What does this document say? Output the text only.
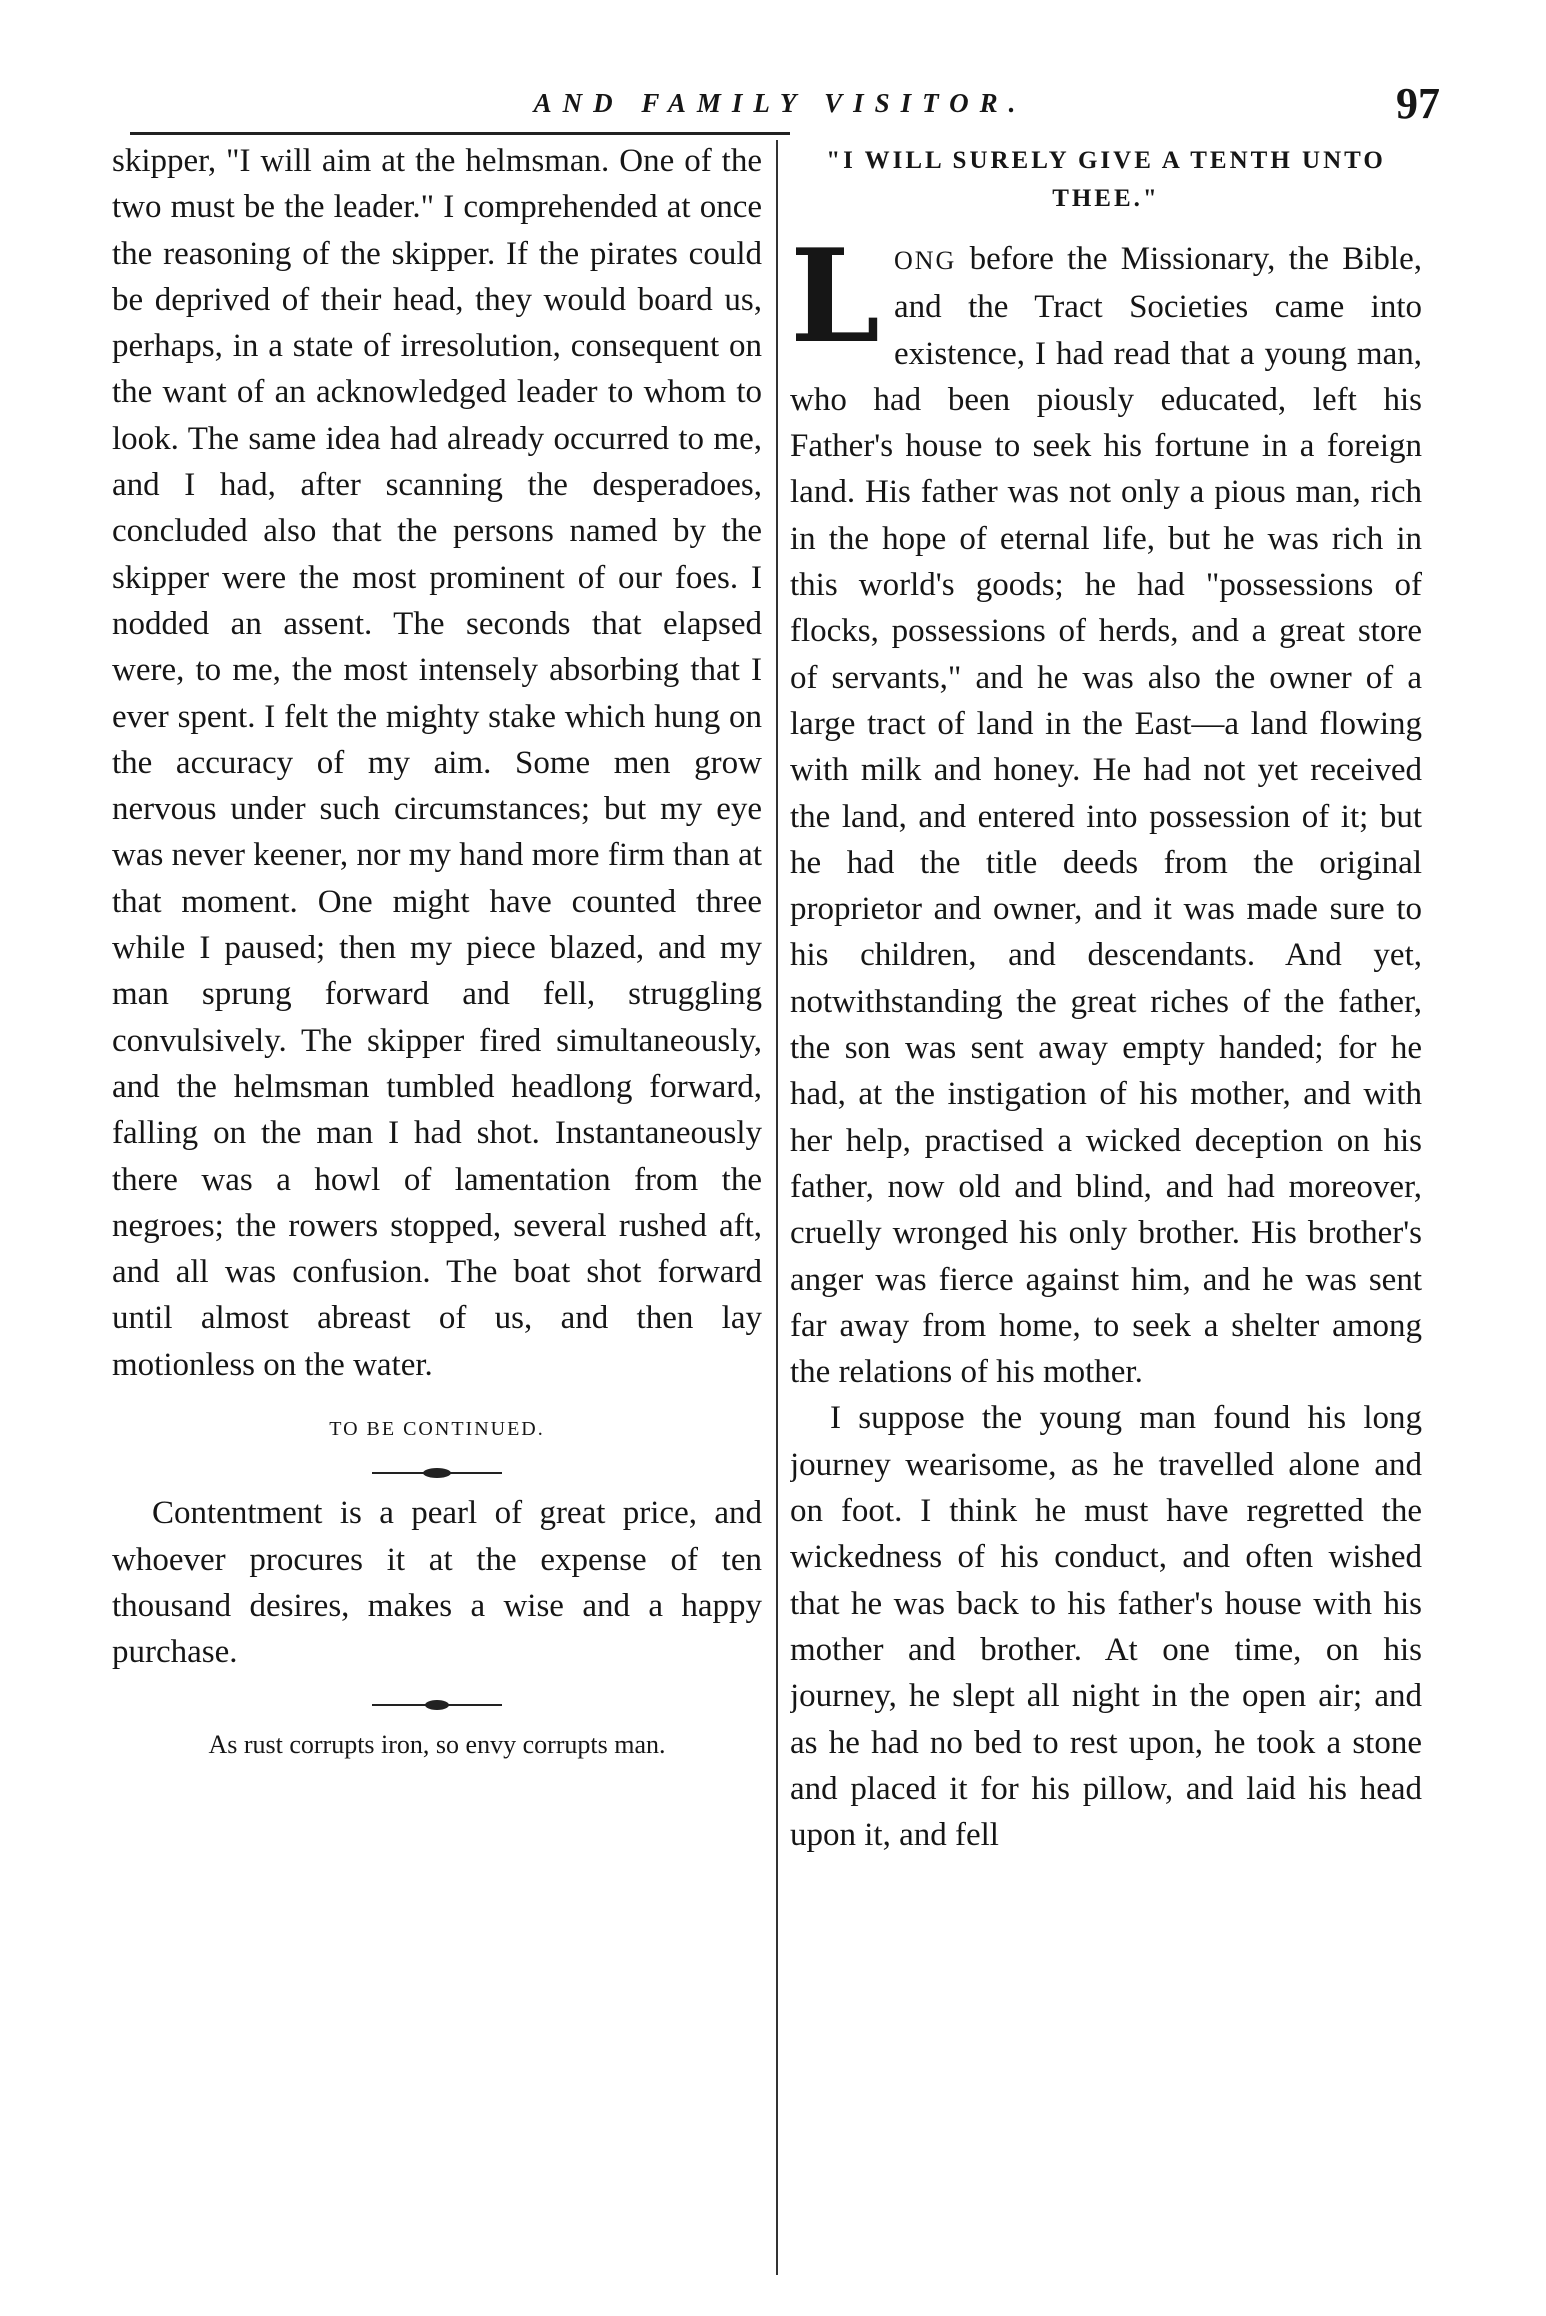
AND FAMILY VISITOR.	97

skipper, "I will aim at the helmsman. One of the two must be the leader." I comprehended at once the reasoning of the skipper. If the pirates could be deprived of their head, they would board us, perhaps, in a state of irresolution, consequent on the want of an acknowledged leader to whom to look. The same idea had already occurred to me, and I had, after scanning the desperadoes, concluded also that the persons named by the skipper were the most prominent of our foes. I nodded an assent. The seconds that elapsed were, to me, the most intensely absorbing that I ever spent. I felt the mighty stake which hung on the accuracy of my aim. Some men grow nervous under such circumstances; but my eye was never keener, nor my hand more firm than at that moment. One might have counted three while I paused; then my piece blazed, and my man sprung forward and fell, struggling convulsively. The skipper fired simultaneously, and the helmsman tumbled headlong forward, falling on the man I had shot. Instantaneously there was a howl of lamentation from the negroes; the rowers stopped, several rushed aft, and all was confusion. The boat shot forward until almost abreast of us, and then lay motionless on the water.

TO BE CONTINUED.

Contentment is a pearl of great price, and whoever procures it at the expense of ten thousand desires, makes a wise and a happy purchase.

As rust corrupts iron, so envy corrupts man.

"I WILL SURELY GIVE A TENTH UNTO THEE."

LONG before the Missionary, the Bible, and the Tract Societies came into existence, I had read that a young man, who had been piously educated, left his Father's house to seek his fortune in a foreign land. His father was not only a pious man, rich in the hope of eternal life, but he was rich in this world's goods; he had "possessions of flocks, possessions of herds, and a great store of servants," and he was also the owner of a large tract of land in the East—a land flowing with milk and honey. He had not yet received the land, and entered into possession of it; but he had the title deeds from the original proprietor and owner, and it was made sure to his children, and descendants. And yet, notwithstanding the great riches of the father, the son was sent away empty handed; for he had, at the instigation of his mother, and with her help, practised a wicked deception on his father, now old and blind, and had moreover, cruelly wronged his only brother. His brother's anger was fierce against him, and he was sent far away from home, to seek a shelter among the relations of his mother.

I suppose the young man found his long journey wearisome, as he travelled alone and on foot. I think he must have regretted the wickedness of his conduct, and often wished that he was back to his father's house with his mother and brother. At one time, on his journey, he slept all night in the open air; and as he had no bed to rest upon, he took a stone and placed it for his pillow, and laid his head upon it, and fell
